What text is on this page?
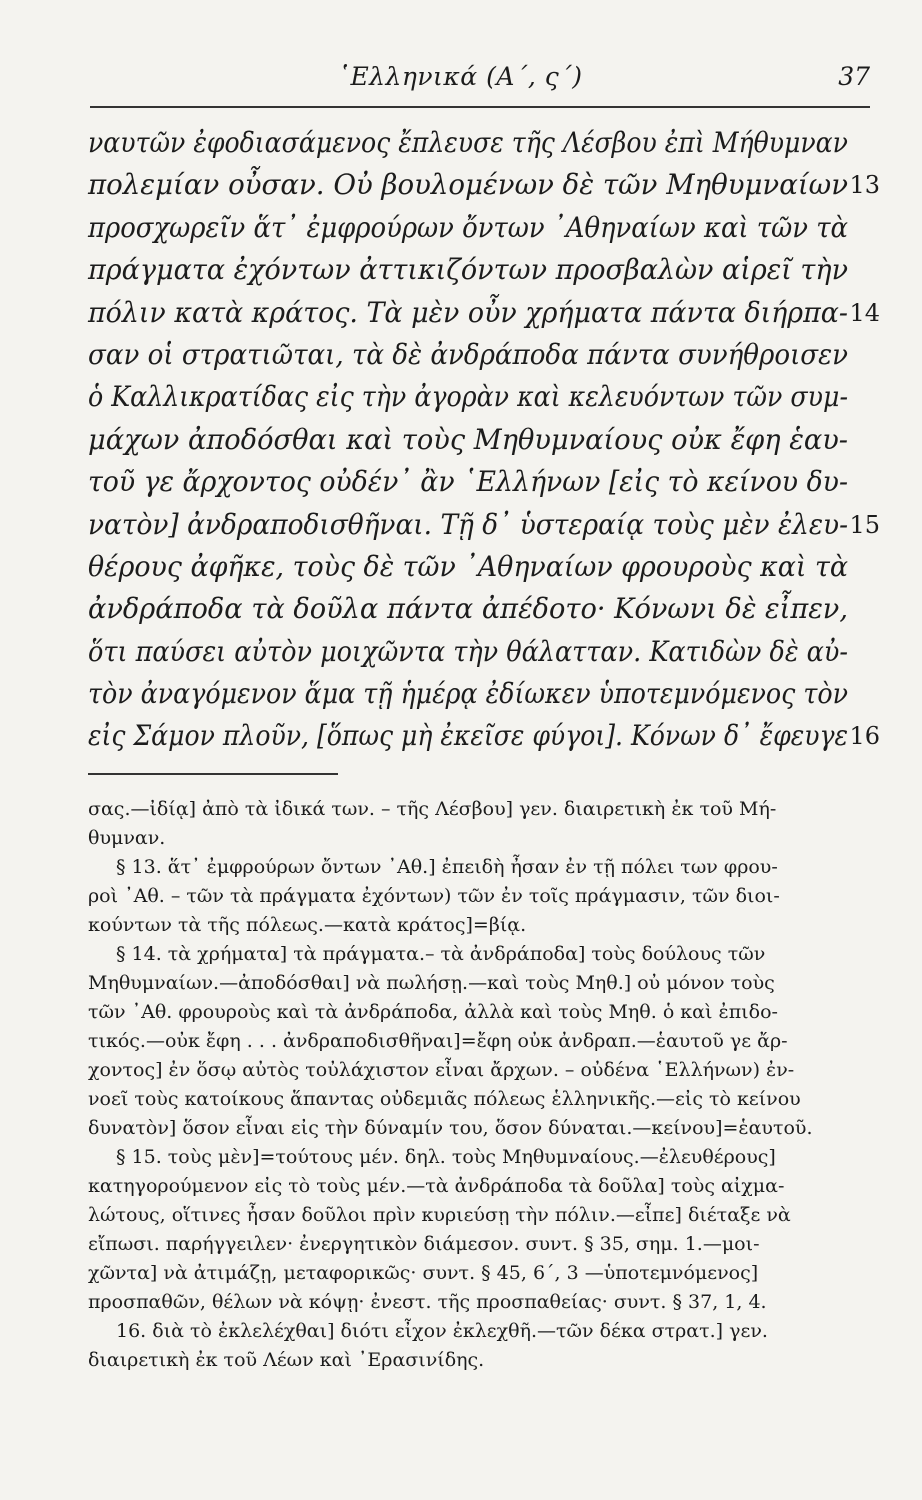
῾Ελληνικά (Α΄, ς΄)	37
ναυτῶν ἐφοδιασάμενος ἔπλευσε τῆς Λέσβου ἐπὶ Μήθυμναν
πολεμίαν οὖσαν. Οὐ βουλομένων δὲ τῶν Μηθυμναίων 13
προσχωρεῖν ἅτ᾿ ἐμφρούρων ὄντων ᾿Αθηναίων καὶ τῶν τὰ
πράγματα ἐχόντων ἀττικιζόντων προσβαλὼν αἱρεῖ τὴν
πόλιν κατὰ κράτος. Τὰ μὲν οὖν χρήματα πάντα διήρπα- 14
σαν οἱ στρατιῶται, τὰ δὲ ἀνδράποδα πάντα συνήθροισεν
ὁ Καλλικρατίδας εἰς τὴν ἀγορὰν καὶ κελευόντων τῶν συμ-
μάχων ἀποδόσθαι καὶ τοὺς Μηθυμναίους οὐκ ἔφη ἑαυ-
τοῦ γε ἄρχοντος οὐδέν᾿ ἂν ῾Ελλήνων [εἰς τὸ κείνου δυ-
νατὸν] ἀνδραποδισθῆναι. Τῇ δ᾿ ὑστεραίᾳ τοὺς μὲν ἐλευ- 15
θέρους ἀφῆκε, τοὺς δὲ τῶν ᾿Αθηναίων φρουροὺς καὶ τὰ
ἀνδράποδα τὰ δοῦλα πάντα ἀπέδοτο· Κόνωνι δὲ εἶπεν,
ὅτι παύσει αὐτὸν μοιχῶντα τὴν θάλατταν. Κατιδὼν δὲ αὐ-
τὸν ἀναγόμενον ἅμα τῇ ἡμέρᾳ ἐδίωκεν ὑποτεμνόμενος τὸν
εἰς Σάμον πλοῦν, [ὅπως μὴ ἐκεῖσε φύγοι]. Κόνων δ᾿ ἔφευγε 16
σας.—ἰδίᾳ] ἀπὸ τὰ ἰδικά των. – τῆς Λέσβου] γεν. διαιρετικὴ ἐκ τοῦ Μή-
θυμναν.
§ 13. ἅτ᾿ ἐμφρούρων ὄντων ᾿Αθ.] ἐπειδὴ ἦσαν ἐν τῇ πόλει των φρου-
ροὶ ᾿Αθ. – τῶν τὰ πράγματα ἐχόντων) τῶν ἐν τοῖς πράγμασιν, τῶν διοι-
κούντων τὰ τῆς πόλεως.—κατὰ κράτος]=βίᾳ.
§ 14. τὰ χρήματα] τὰ πράγματα.– τὰ ἀνδράποδα] τοὺς δούλους τῶν
Μηθυμναίων.—ἀποδόσθαι] νὰ πωλήσῃ.—καὶ τοὺς Μηθ.] οὐ μόνον τοὺς
τῶν ᾿Αθ. φρουροὺς καὶ τὰ ἀνδράποδα, ἀλλὰ καὶ τοὺς Μηθ. ὁ καὶ ἐπιδο-
τικός.—οὐκ ἔφη . . . ἀνδραποδισθῆναι]=ἔφη οὐκ ἀνδραπ.—ἑαυτοῦ γε ἄρ-
χοντος] ἐν ὅσῳ αὐτὸς τοὐλάχιστον εἶναι ἄρχων. – οὐδένα ῾Ελλήνων) ἐν-
νοεῖ τοὺς κατοίκους ἅπαντας οὐδεμιᾶς πόλεως ἑλληνικῆς.—εἰς τὸ κείνου
δυνατὸν] ὅσον εἶναι εἰς τὴν δύναμίν του, ὅσον δύναται.—κείνου]=ἑαυτοῦ.
§ 15. τοὺς μὲν]=τούτους μέν. δηλ. τοὺς Μηθυμναίους.—ἐλευθέρους]
κατηγορούμενον εἰς τὸ τοὺς μέν.—τὰ ἀνδράποδα τὰ δοῦλα] τοὺς αἰχμα-
λώτους, οἵτινες ἦσαν δοῦλοι πρὶν κυριεύσῃ τὴν πόλιν.—εἶπε] διέταξε νὰ
εἴπωσι. παρήγγειλεν· ἐνεργητικὸν διάμεσον. συντ. § 35, σημ. 1.—μοι-
χῶντα] νὰ ἀτιμάζῃ, μεταφορικῶς· συντ. § 45, 6΄, 3 —ὑποτεμνόμενος]
προσπαθῶν, θέλων νὰ κόψῃ· ἐνεστ. τῆς προσπαθείας· συντ. § 37, 1, 4.
16. διὰ τὸ ἐκλελέχθαι] διότι εἶχον ἐκλεχθῆ.—τῶν δέκα στρατ.] γεν.
διαιρετικὴ ἐκ τοῦ Λέων καὶ ᾿Ερασινίδης.
